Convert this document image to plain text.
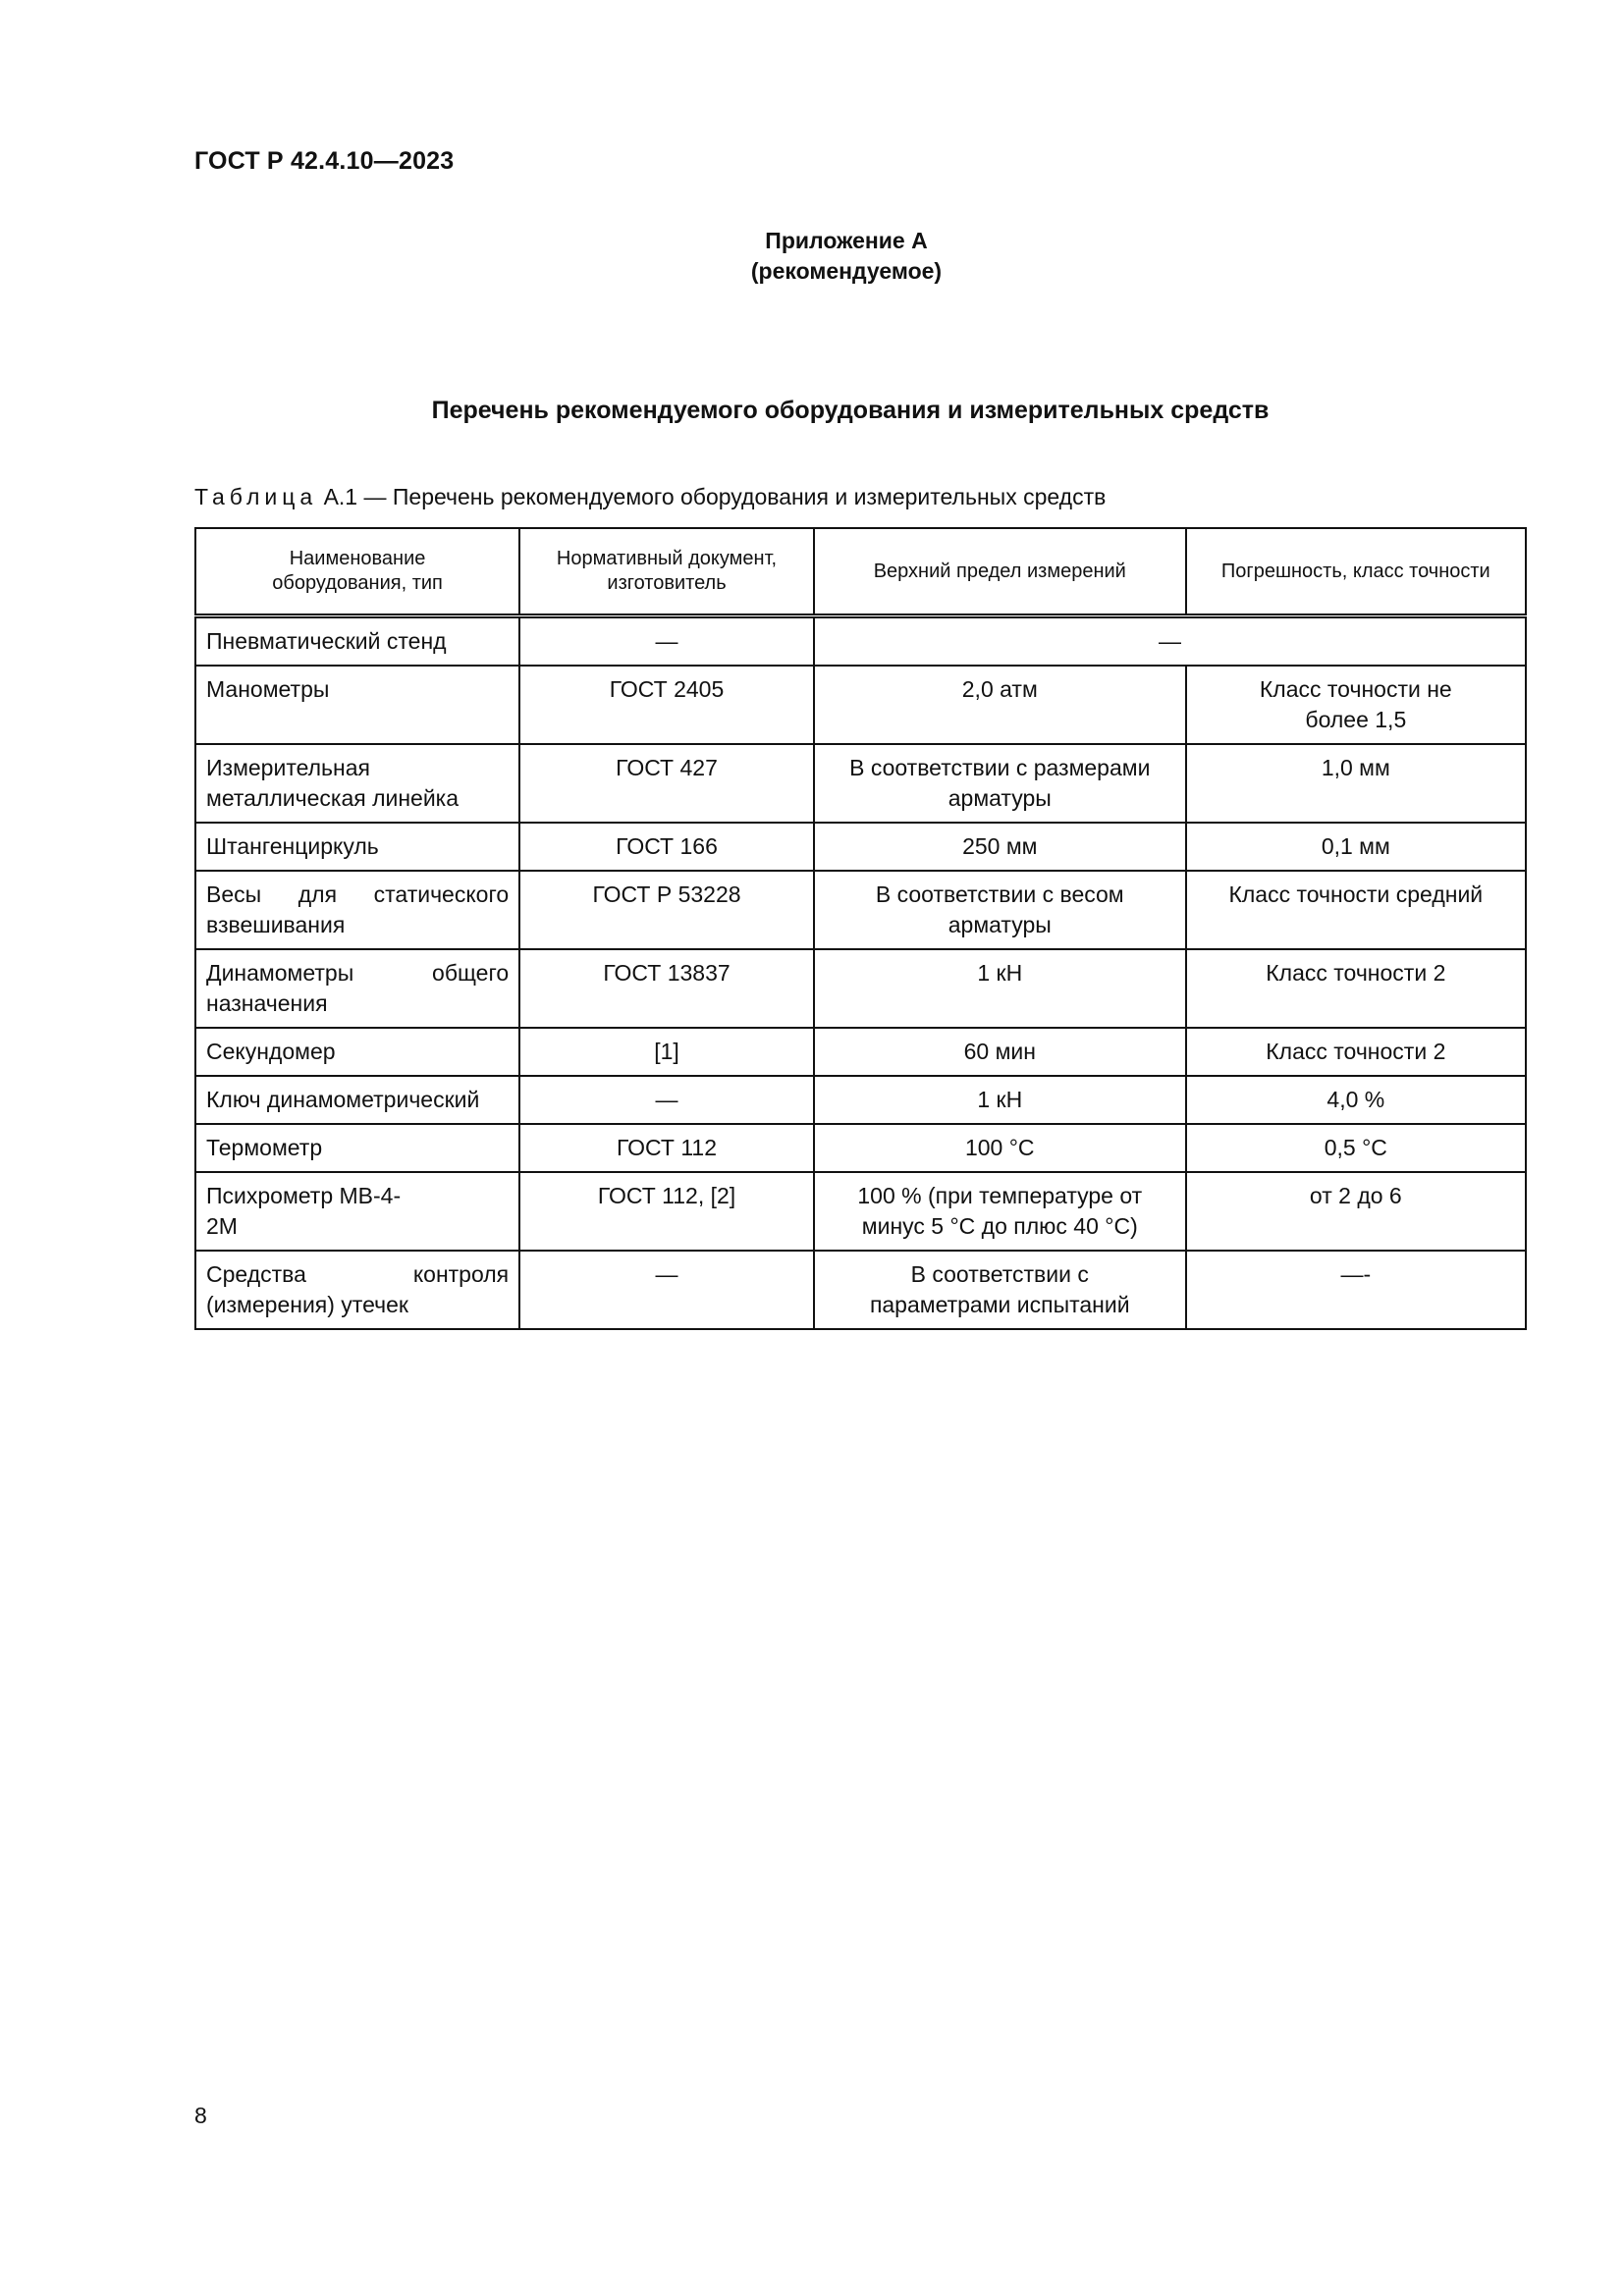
ГОСТ Р 42.4.10—2023
Приложение А
(рекомендуемое)
Перечень рекомендуемого оборудования и измерительных средств
Таблица А.1 — Перечень рекомендуемого оборудования и измерительных средств
Наименование оборудования, тип	Нормативный документ, изготовитель	Верхний предел измерений	Погрешность, класс точности
Пневматический стенд	—	—	
Манометры	ГОСТ 2405	2,0 атм	Класс точности не более 1,5
Измерительная металлическая линейка	ГОСТ 427	В соответствии с размерами арматуры	1,0 мм
Штангенциркуль	ГОСТ 166	250 мм	0,1 мм
Весы для статического взвешивания	ГОСТ Р 53228	В соответствии с весом арматуры	Класс точности средний
Динамометры общего назначения	ГОСТ 13837	1 кН	Класс точности 2
Секундомер	[1]	60 мин	Класс точности 2
Ключ динамометрический	—	1 кН	4,0 %
Термометр	ГОСТ 112	100 °C	0,5 °C
Психрометр МВ-4-2М	ГОСТ 112, [2]	100 % (при температуре от минус 5 °C до плюс 40 °C)	от 2 до 6
Средства контроля (измерения) утечек	—	В соответствии с параметрами испытаний	—-
8
